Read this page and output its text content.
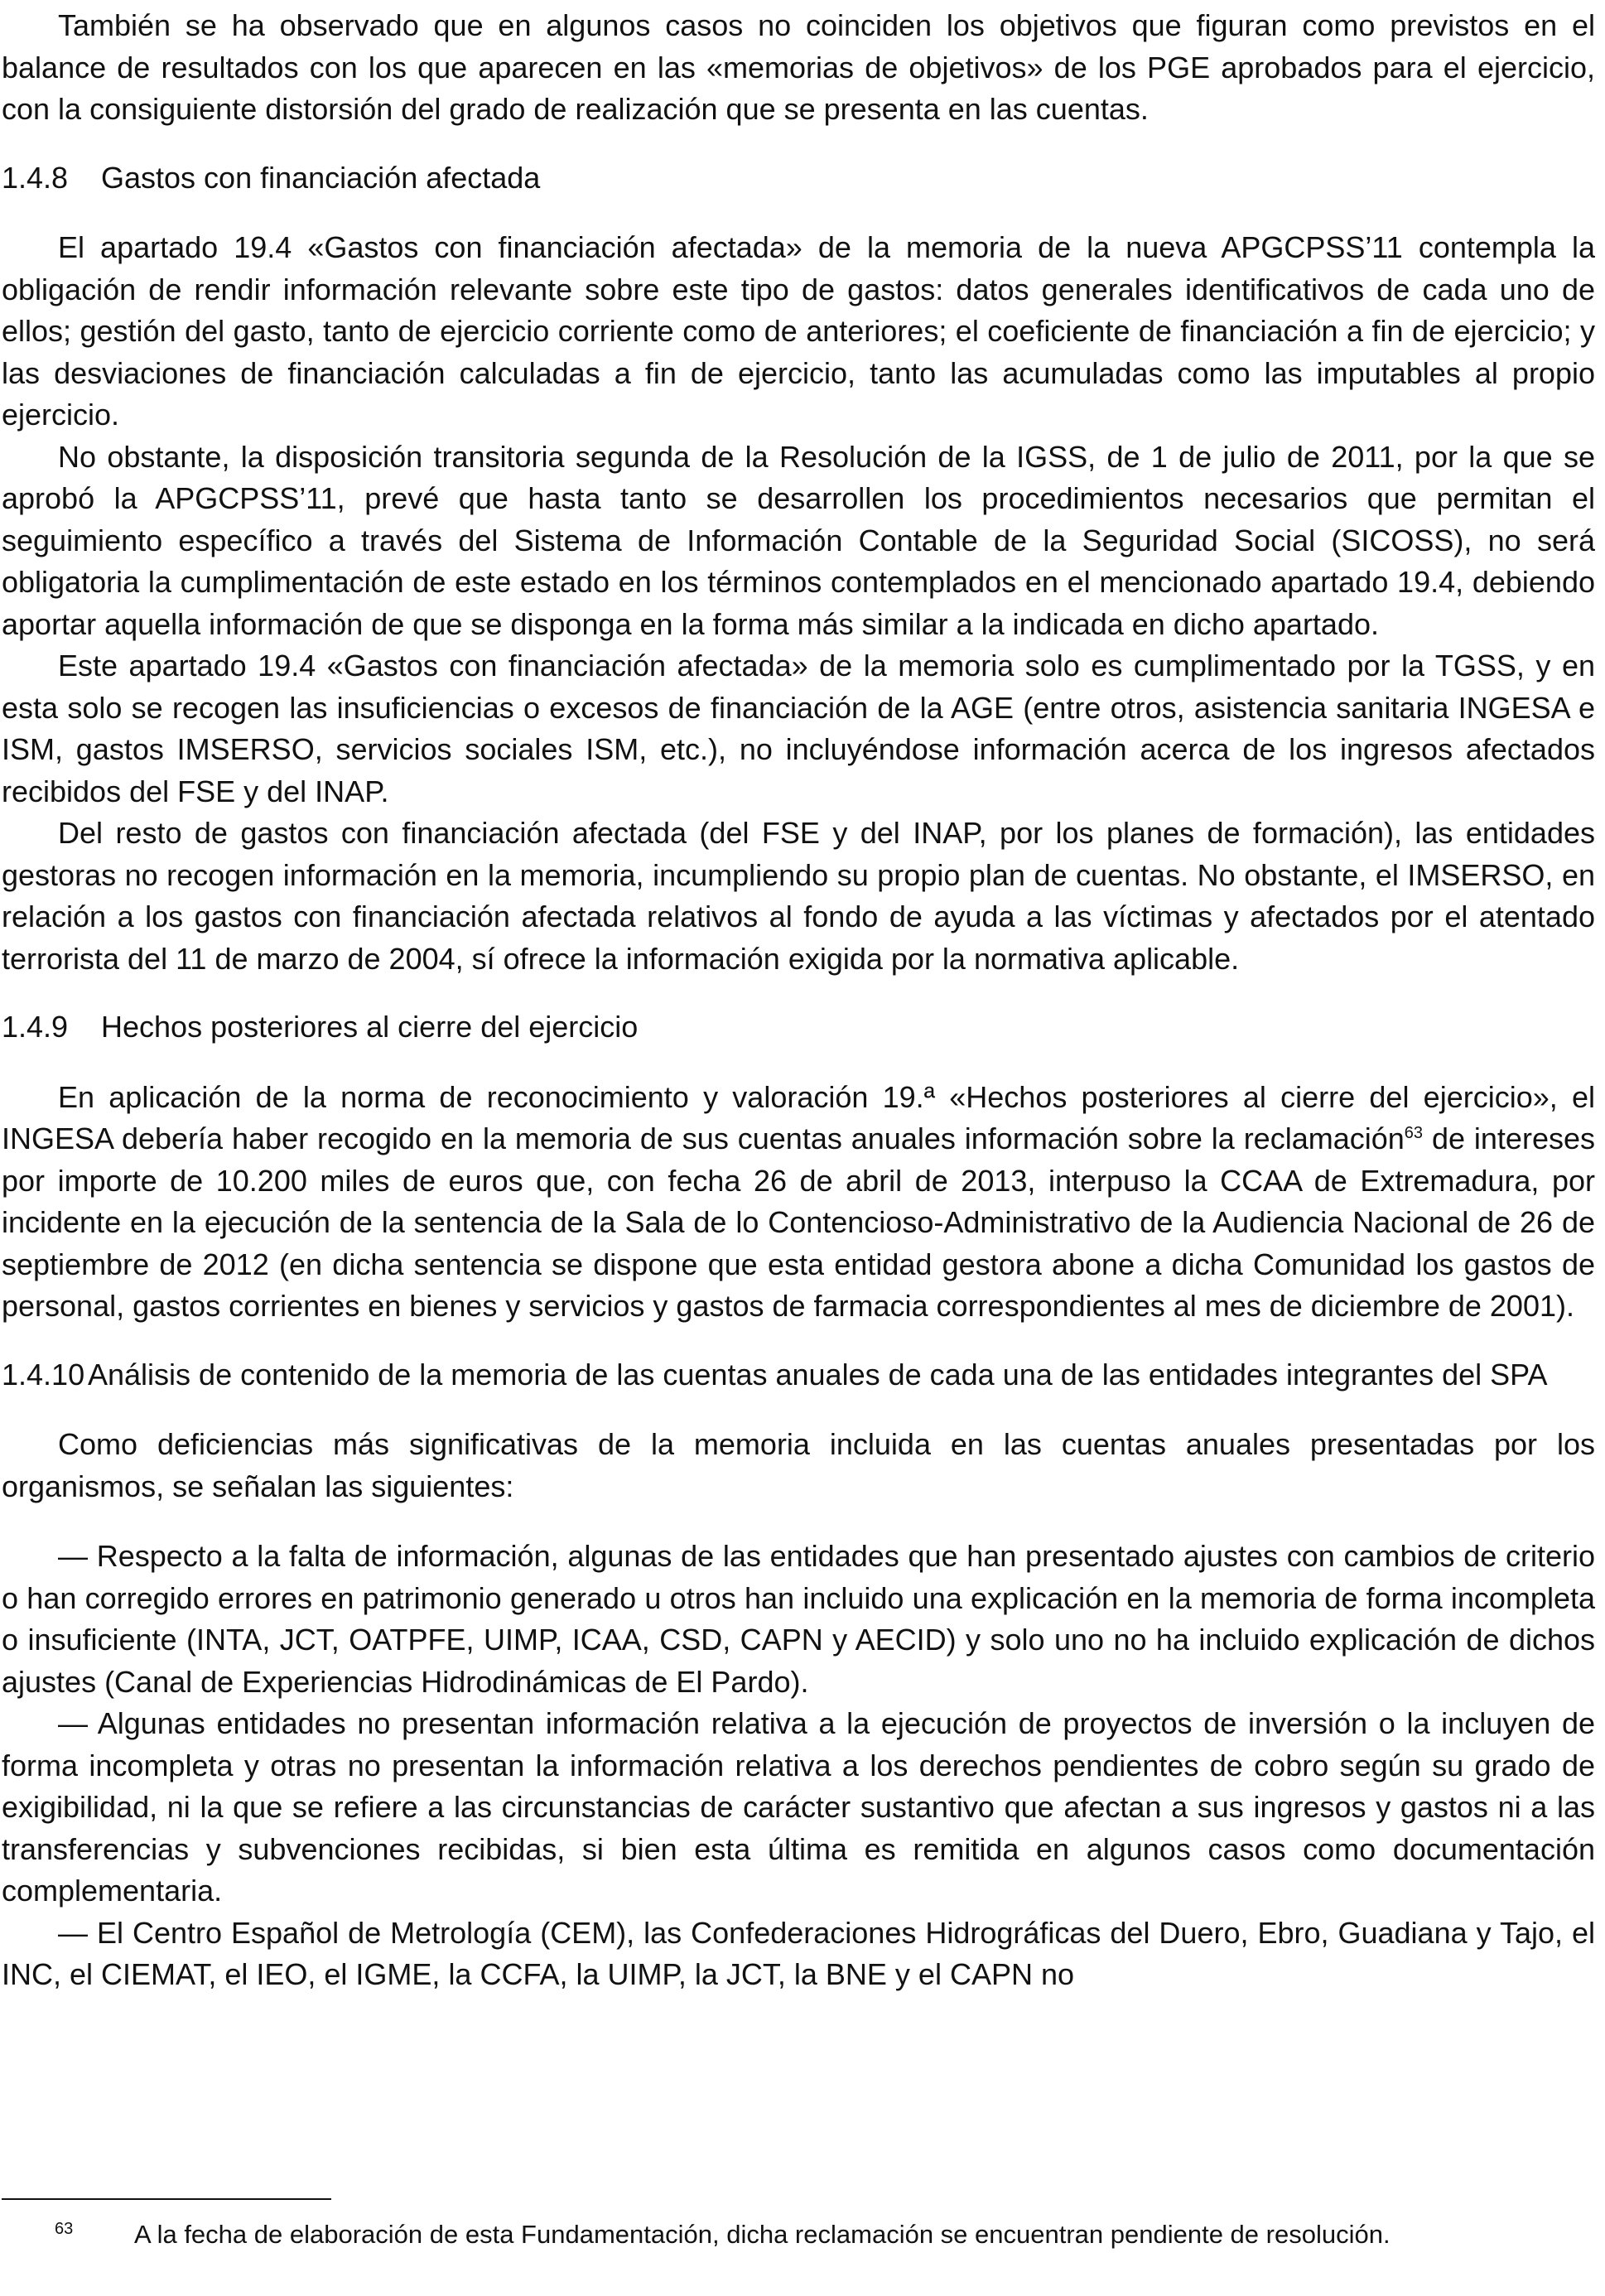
También se ha observado que en algunos casos no coinciden los objetivos que figuran como previstos en el balance de resultados con los que aparecen en las «memorias de objetivos» de los PGE aprobados para el ejercicio, con la consiguiente distorsión del grado de realización que se presenta en las cuentas.

1.4.8 Gastos con financiación afectada

El apartado 19.4 «Gastos con financiación afectada» de la memoria de la nueva APGCPSS’11 contempla la obligación de rendir información relevante sobre este tipo de gastos: datos generales identificativos de cada uno de ellos; gestión del gasto, tanto de ejercicio corriente como de anteriores; el coeficiente de financiación a fin de ejercicio; y las desviaciones de financiación calculadas a fin de ejercicio, tanto las acumuladas como las imputables al propio ejercicio.

No obstante, la disposición transitoria segunda de la Resolución de la IGSS, de 1 de julio de 2011, por la que se aprobó la APGCPSS’11, prevé que hasta tanto se desarrollen los procedimientos necesarios que permitan el seguimiento específico a través del Sistema de Información Contable de la Seguridad Social (SICOSS), no será obligatoria la cumplimentación de este estado en los términos contemplados en el mencionado apartado 19.4, debiendo aportar aquella información de que se disponga en la forma más similar a la indicada en dicho apartado.

Este apartado 19.4 «Gastos con financiación afectada» de la memoria solo es cumplimentado por la TGSS, y en esta solo se recogen las insuficiencias o excesos de financiación de la AGE (entre otros, asistencia sanitaria INGESA e ISM, gastos IMSERSO, servicios sociales ISM, etc.), no incluyéndose información acerca de los ingresos afectados recibidos del FSE y del INAP.

Del resto de gastos con financiación afectada (del FSE y del INAP, por los planes de formación), las entidades gestoras no recogen información en la memoria, incumpliendo su propio plan de cuentas. No obstante, el IMSERSO, en relación a los gastos con financiación afectada relativos al fondo de ayuda a las víctimas y afectados por el atentado terrorista del 11 de marzo de 2004, sí ofrece la información exigida por la normativa aplicable.

1.4.9 Hechos posteriores al cierre del ejercicio

En aplicación de la norma de reconocimiento y valoración 19.ª «Hechos posteriores al cierre del ejercicio», el INGESA debería haber recogido en la memoria de sus cuentas anuales información sobre la reclamación$^{63}$ de intereses por importe de 10.200 miles de euros que, con fecha 26 de abril de 2013, interpuso la CCAA de Extremadura, por incidente en la ejecución de la sentencia de la Sala de lo Contencioso-Administrativo de la Audiencia Nacional de 26 de septiembre de 2012 (en dicha sentencia se dispone que esta entidad gestora abone a dicha Comunidad los gastos de personal, gastos corrientes en bienes y servicios y gastos de farmacia correspondientes al mes de diciembre de 2001).

1.4.10 Análisis de contenido de la memoria de las cuentas anuales de cada una de las entidades integrantes del SPA

Como deficiencias más significativas de la memoria incluida en las cuentas anuales presentadas por los organismos, se señalan las siguientes:

— Respecto a la falta de información, algunas de las entidades que han presentado ajustes con cambios de criterio o han corregido errores en patrimonio generado u otros han incluido una explicación en la memoria de forma incompleta o insuficiente (INTA, JCT, OATPFE, UIMP, ICAA, CSD, CAPN y AECID) y solo uno no ha incluido explicación de dichos ajustes (Canal de Experiencias Hidrodinámicas de El Pardo).

— Algunas entidades no presentan información relativa a la ejecución de proyectos de inversión o la incluyen de forma incompleta y otras no presentan la información relativa a los derechos pendientes de cobro según su grado de exigibilidad, ni la que se refiere a las circunstancias de carácter sustantivo que afectan a sus ingresos y gastos ni a las transferencias y subvenciones recibidas, si bien esta última es remitida en algunos casos como documentación complementaria.

— El Centro Español de Metrología (CEM), las Confederaciones Hidrográficas del Duero, Ebro, Guadiana y Tajo, el INC, el CIEMAT, el IEO, el IGME, la CCFA, la UIMP, la JCT, la BNE y el CAPN no

63 A la fecha de elaboración de esta Fundamentación, dicha reclamación se encuentran pendiente de resolución.
